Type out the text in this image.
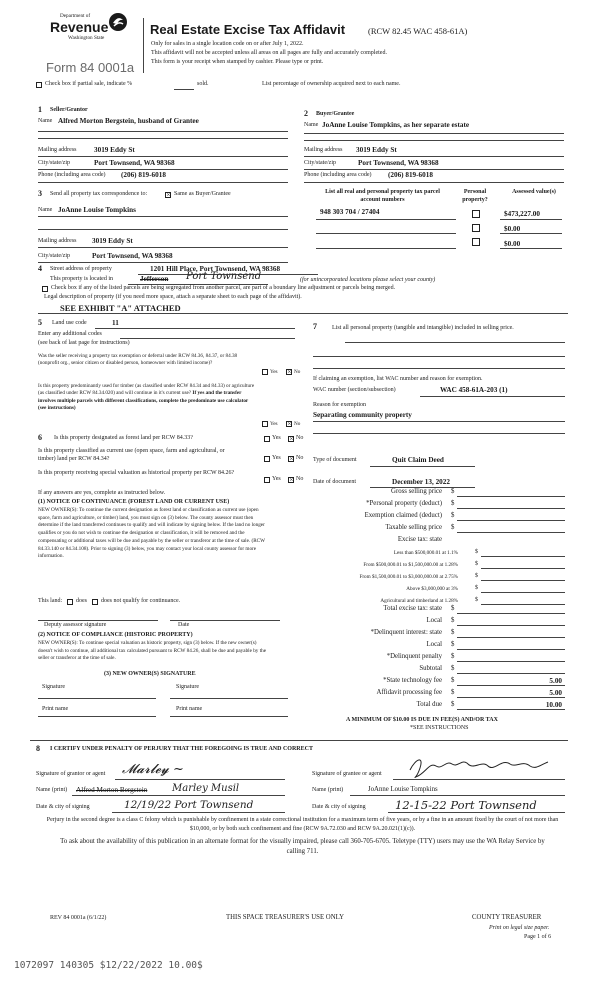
Department of
Revenue
Washington State
Form 84 0001a
Real Estate Excise Tax Affidavit	(RCW 82.45 WAC 458-61A)
Only for sales in a single location code on or after July 1, 2022.
This affidavit will not be accepted unless all areas on all pages are fully and accurately completed.
This form is your receipt when stamped by cashier. Please type or print.
Check box if partial sale, indicate %	sold.	List percentage of ownership acquired next to each name.
1 Seller/Grantor
Name Alfred Morton Bergstein, husband of Grantee
Mailing address 3019 Eddy St
City/state/zip	Port Townsend, WA 98368
Phone (including area code) (206) 819-6018
2 Buyer/Grantee
Name JoAnne Louise Tompkins, as her separate estate
Mailing address 3019 Eddy St
City/state/zip	Port Townsend, WA 98368
Phone (including area code) (206) 819-6018
3 Send all property tax correspondence to: ×	Same as Buyer/Grantee
Name JoAnne Louise Tompkins
Mailing address 3019 Eddy St
City/state/zip	Port Townsend, WA 98368
List all real and personal property tax parcel account numbers
Personal property?
Assessed value(s)
948 303 704 / 27404	$473,227.00
$0.00
$0.00
4 Street address of property	1201 Hill Place, Port Townsend, WA 98368
This property is located in	Jefferson Port Townsend	(for unincorporated locations please select your county)
Check box if any of the listed parcels are being segregated from another parcel, are part of a boundary line adjustment or parcels being merged.
Legal description of property (if you need more space, attach a separate sheet to each page of the affidavit).
SEE EXHIBIT "A" ATTACHED
5 Land use code	11
Enter any additional codes
(see back of last page for instructions)
Was the seller receiving a property tax exemption or deferral under RCW 84.36, 84.37, or 84.38 (nonprofit org., senior citizen or disabled person, homeowner with limited income)?
Yes ×	No
Is this property predominantly used for timber (as classified under RCW 84.34 and 84.33) or agriculture (as classified under RCW 84.34.020) and will continue in it's current use? If yes and the transfer involves multiple parcels with different classifications, complete the predominate use calculator (see instructions)
Yes ×	No
6 Is this property designated as forest land per RCW 84.33?	Yes ×	No
Is this property classified as current use (open space, farm and agricultural, or timber) land per RCW 84.34?	Yes ×	No
Is this property receiving special valuation as historical property per RCW 84.26?
Yes ×	No
If any answers are yes, complete as instructed below.
(1) NOTICE OF CONTINUANCE (FOREST LAND OR CURRENT USE)
NEW OWNER(S): To continue the current designation as forest land or classification as current use (open space, farm and agriculture, or timber) land, you must sign on (3) below. The county assessor must then determine if the land transferred continues to qualify and will indicate by signing below. If the land no longer qualifies or you do not wish to continue the designation or classification, it will be removed and the compensating or additional taxes will be due and payable by the seller or transferor at the time of sale. (RCW 84.33.140 or 84.34.108). Prior to signing (3) below, you may contact your local county assessor for more information.
This land: does does not qualify for continuance.
Deputy assessor signature	Date
(2) NOTICE OF COMPLIANCE (HISTORIC PROPERTY)
NEW OWNER(S): To continue special valuation as historic property, sign (3) below. If the new owner(s) doesn't wish to continue, all additional tax calculated pursuant to RCW 84.26, shall be due and payable by the seller or transferor at the time of sale.
(3) NEW OWNER(S) SIGNATURE
Signature	Signature
Print name	Print name
7	List all personal property (tangible and intangible) included in selling price.
If claiming an exemption, list WAC number and reason for exemption.
WAC number (section/subsection)	WAC 458-61A-203 (1)
Reason for exemption
Separating community property
Type of document	Quit Claim Deed
Date of document	December 13, 2022
Gross selling price $
*Personal property (deduct) $
Exemption claimed (deduct) $
Taxable selling price $
Excise tax: state
Less than $500,000.01 at 1.1%	$
From $500,000.01 to $1,500,000.00 at 1.28%	$
From $1,500,000.01 to $3,000,000.00 at 2.75%	$
Above $3,000,000 at 3%	$
Agricultural and timberland at 1.28%	$
Total excise tax: state $
Local $
*Delinquent interest: state $
Local $
*Delinquent penalty $
Subtotal $
*State technology fee $	5.00
Affidavit processing fee $	5.00
Total due $	10.00
A MINIMUM OF $10.00 IS DUE IN FEE(S) AND/OR TAX
*SEE INSTRUCTIONS
8 I CERTIFY UNDER PENALTY OF PERJURY THAT THE FOREGOING IS TRUE AND CORRECT
Signature of grantor or agent 𝓜𝓪𝓻𝓵𝓮𝔂 ~
Name (print) Alfred Morton Bergstein Marley Musil
Date & city of signing	12/19/22 Port Townsend
Signature of grantee or agent
Name (print)	JoAnne Louise Tompkins
Date & city of signing	12-15-22 Port Townsend
Perjury in the second degree is a class C felony which is punishable by confinement in a state correctional institution for a maximum term of five years, or by a fine in an amount fixed by the court of not more than $10,000, or by both such confinement and fine (RCW 9A.72.030 and RCW 9A.20.021(1)(c)).
To ask about the availability of this publication in an alternate format for the visually impaired, please call 360-705-6705. Teletype (TTY) users may use the WA Relay Service by calling 711.
REV 84 0001a (6/1/22)	THIS SPACE TREASURER'S USE ONLY	COUNTY TREASURER
Print on legal size paper.
Page 1 of 6
1072097 140305 $12/22/2022 10.00$
